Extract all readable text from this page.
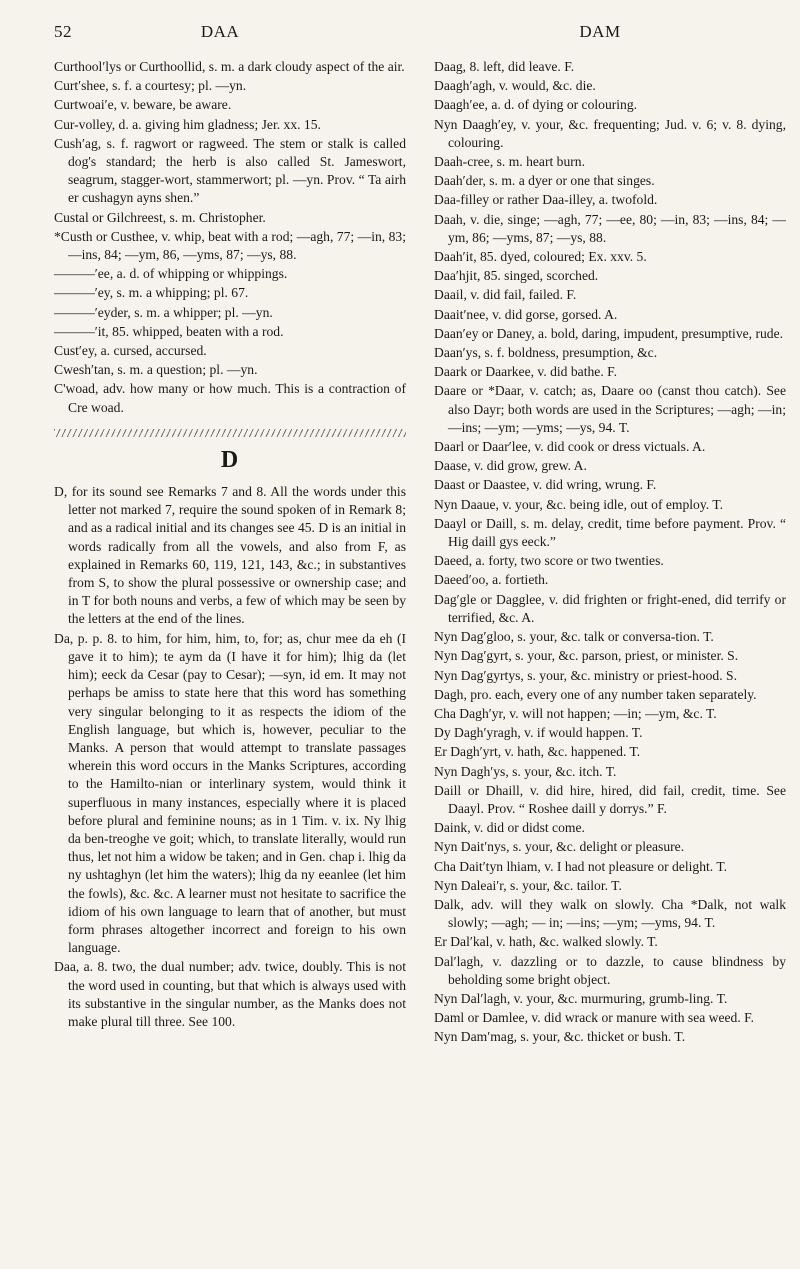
52	DAA	DAM
Curthool′lys or Curthoollid, s. m. a dark cloudy aspect of the air.
Curt′shee, s. f. a courtesy; pl. —yn.
Curtwoai′e, v. beware, be aware.
Cur-volley, d. a. giving him gladness; Jer. xx. 15.
Cush′ag, s. f. ragwort or ragweed. The stem or stalk is called dog's standard; the herb is also called St. Jameswort, seagrum, stagger-wort, stammerwort; pl. —yn. Prov. “ Ta airh er cushagyn ayns shen.”
Custal or Gilchreest, s. m. Christopher.
*Custh or Custhee, v. whip, beat with a rod; —agh, 77; —in, 83; —ins, 84; —ym, 86, —yms, 87; —ys, 88.
———′ee, a. d. of whipping or whippings.
———′ey, s. m. a whipping; pl. 67.
———′eyder, s. m. a whipper; pl. —yn.
———′it, 85. whipped, beaten with a rod.
Cust′ey, a. cursed, accursed.
Cwesh′tan, s. m. a question; pl. —yn.
C'woad, adv. how many or how much. This is a contraction of Cre woad.
D
D, for its sound see Remarks 7 and 8. All the words under this letter not marked 7, require the sound spoken of in Remark 8; and as a radical initial and its changes see 45. D is an initial in words radically from all the vowels, and also from F, as explained in Remarks 60, 119, 121, 143, &c.; in substantives from S, to show the plural possessive or ownership case; and in T for both nouns and verbs, a few of which may be seen by the letters at the end of the lines.
Da, p. p. 8. to him, for him, him, to, for; as, chur mee da eh (I gave it to him); te aym da (I have it for him); lhig da (let him); eeck da Cesar (pay to Cesar); —syn, id em. It may not perhaps be amiss to state here that this word has something very singular belonging to it as respects the idiom of the English language, but which is, however, peculiar to the Manks. A person that would attempt to translate passages wherein this word occurs in the Manks Scriptures, according to the Hamilto-nian or interlinary system, would think it superfluous in many instances, especially where it is placed before plural and feminine nouns; as in 1 Tim. v. ix. Ny lhig da ben-treoghe ve goit; which, to translate literally, would run thus, let not him a widow be taken; and in Gen. chap i. lhig da ny ushtaghyn (let him the waters); lhig da ny eeanlee (let him the fowls), &c. &c. A learner must not hesitate to sacrifice the idiom of his own language to learn that of another, but must form phrases altogether incorrect and foreign to his own language.
Daa, a. 8. two, the dual number; adv. twice, doubly. This is not the word used in counting, but that which is always used with its substantive in the singular number, as the Manks does not make plural till three. See 100.
Daag, 8. left, did leave. F.
Daagh′agh, v. would, &c. die.
Daagh′ee, a. d. of dying or colouring.
Nyn Daagh′ey, v. your, &c. frequenting; Jud. v. 6; v. 8. dying, colouring.
Daah-cree, s. m. heart burn.
Daah′der, s. m. a dyer or one that singes.
Daa-filley or rather Daa-illey, a. twofold.
Daah, v. die, singe; —agh, 77; —ee, 80; —in, 83; —ins, 84; —ym, 86; —yms, 87; —ys, 88.
Daah′it, 85. dyed, coloured; Ex. xxv. 5.
Daa′hjit, 85. singed, scorched.
Daail, v. did fail, failed. F.
Daait′nee, v. did gorse, gorsed. A.
Daan′ey or Daney, a. bold, daring, impudent, presumptive, rude.
Daan′ys, s. f. boldness, presumption, &c.
Daark or Daarkee, v. did bathe. F.
Daare or *Daar, v. catch; as, Daare oo (canst thou catch). See also Dayr; both words are used in the Scriptures; —agh; —in; —ins; —ym; —yms; —ys, 94. T.
Daarl or Daar′lee, v. did cook or dress victuals. A.
Daase, v. did grow, grew. A.
Daast or Daastee, v. did wring, wrung. F.
Nyn Daaue, v. your, &c. being idle, out of employ. T.
Daayl or Daill, s. m. delay, credit, time before payment. Prov. “ Hig daill gys eeck.”
Daeed, a. forty, two score or two twenties.
Daeed′oo, a. fortieth.
Dag′gle or Dagglee, v. did frighten or fright-ened, did terrify or terrified, &c. A.
Nyn Dag′gloo, s. your, &c. talk or conversa-tion. T.
Nyn Dag′gyrt, s. your, &c. parson, priest, or minister. S.
Nyn Dag′gyrtys, s. your, &c. ministry or priest-hood. S.
Dagh, pro. each, every one of any number taken separately.
Cha Dagh′yr, v. will not happen; —in; —ym, &c. T.
Dy Dagh′yragh, v. if would happen. T.
Er Dagh′yrt, v. hath, &c. happened. T.
Nyn Dagh′ys, s. your, &c. itch. T.
Daill or Dhaill, v. did hire, hired, did fail, credit, time. See Daayl. Prov. “ Roshee daill y dorrys.” F.
Daink, v. did or didst come.
Nyn Dait′nys, s. your, &c. delight or pleasure.
Cha Dait′tyn lhiam, v. I had not pleasure or delight. T.
Nyn Daleai′r, s. your, &c. tailor. T.
Dalk, adv. will they walk on slowly. Cha *Dalk, not walk slowly; —agh; — in; —ins; —ym; —yms, 94. T.
Er Dal′kal, v. hath, &c. walked slowly. T.
Dal′lagh, v. dazzling or to dazzle, to cause blindness by beholding some bright object.
Nyn Dal′lagh, v. your, &c. murmuring, grumb-ling. T.
Daml or Damlee, v. did wrack or manure with sea weed. F.
Nyn Dam′mag, s. your, &c. thicket or bush. T.
